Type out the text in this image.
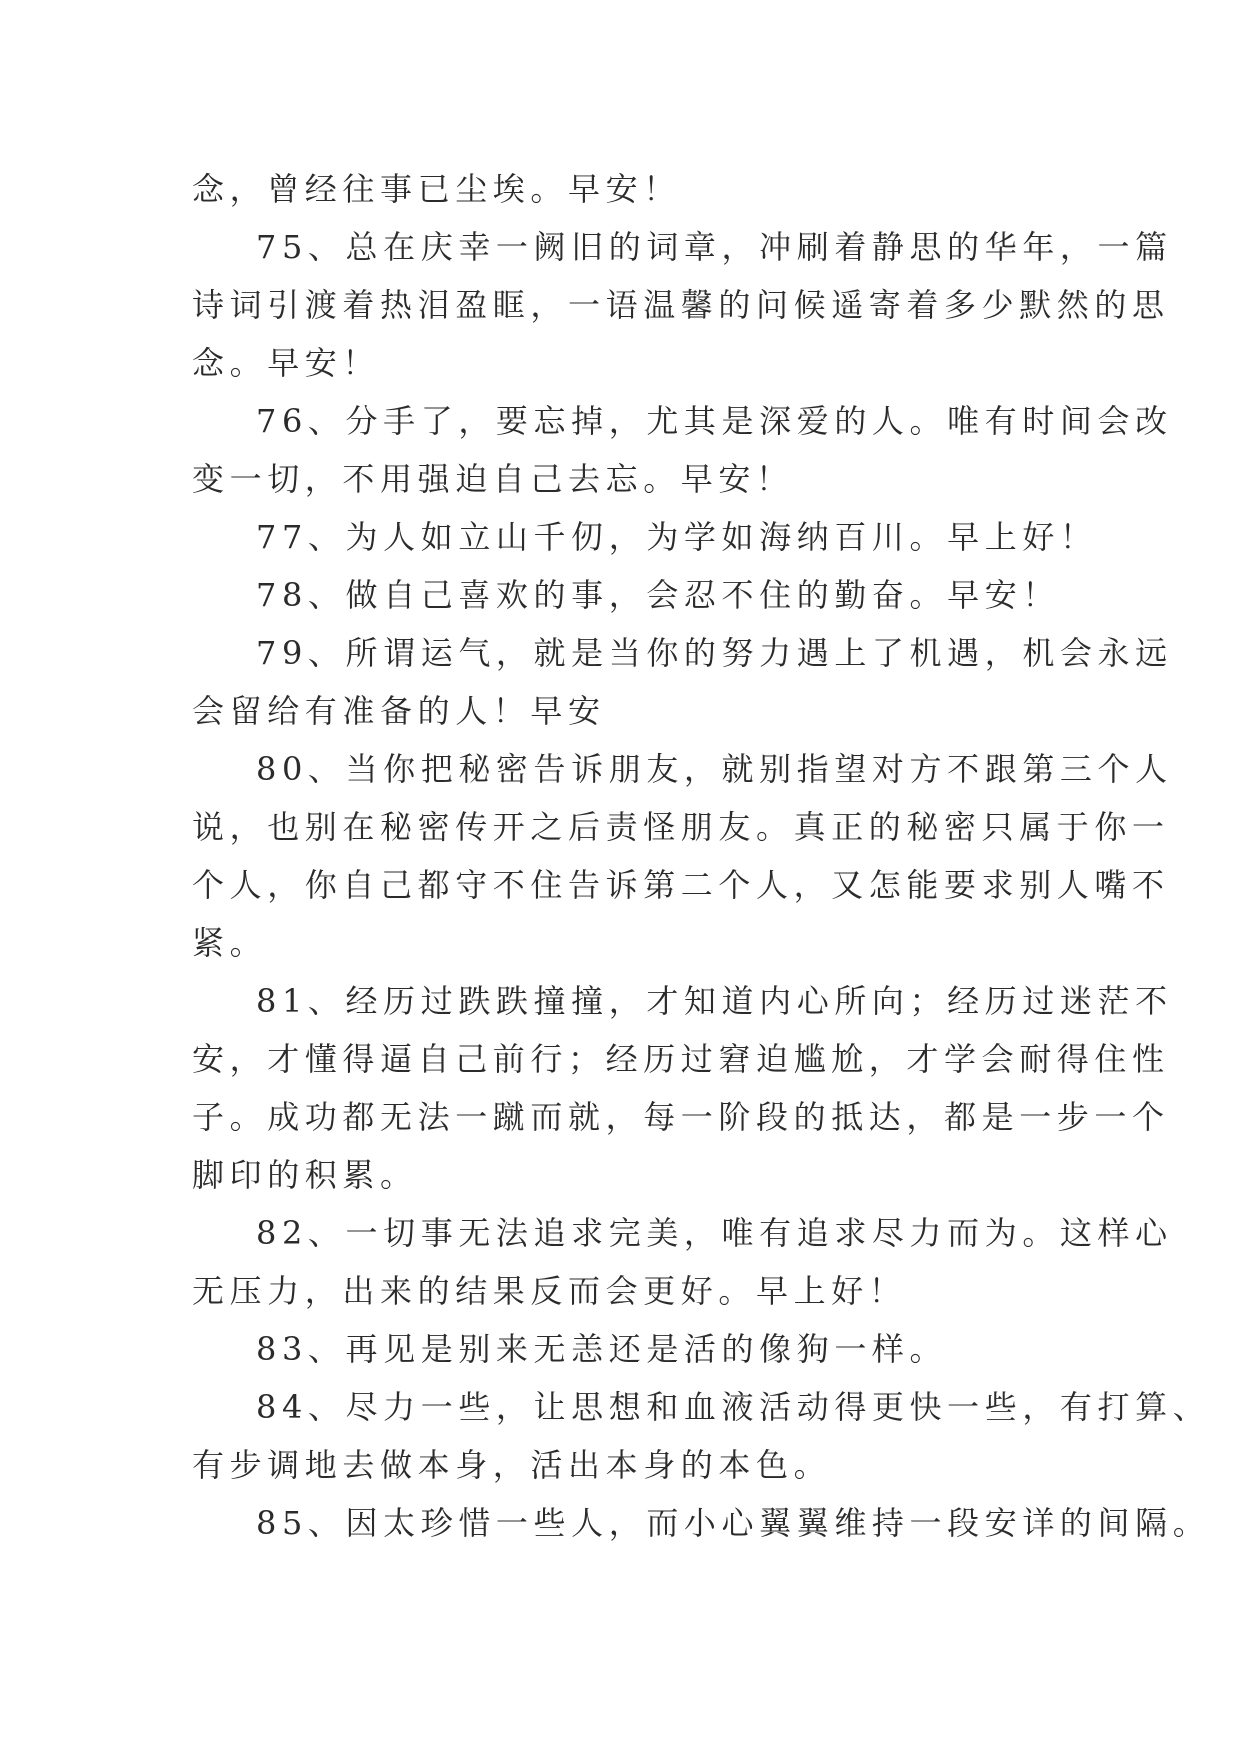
念，曾经往事已尘埃。早安！
75、总在庆幸一阙旧的词章，冲刷着静思的华年，一篇
诗词引渡着热泪盈眶，一语温馨的问候遥寄着多少默然的思
念。早安！
76、分手了，要忘掉，尤其是深爱的人。唯有时间会改
变一切，不用强迫自己去忘。早安！
77、为人如立山千仞，为学如海纳百川。早上好！
78、做自己喜欢的事，会忍不住的勤奋。早安！
79、所谓运气，就是当你的努力遇上了机遇，机会永远
会留给有准备的人！早安
80、当你把秘密告诉朋友，就别指望对方不跟第三个人
说，也别在秘密传开之后责怪朋友。真正的秘密只属于你一
个人，你自己都守不住告诉第二个人，又怎能要求别人嘴不
紧。
81、经历过跌跌撞撞，才知道内心所向；经历过迷茫不
安，才懂得逼自己前行；经历过窘迫尴尬，才学会耐得住性
子。成功都无法一蹴而就，每一阶段的抵达，都是一步一个
脚印的积累。
82、一切事无法追求完美，唯有追求尽力而为。这样心
无压力，出来的结果反而会更好。早上好！
83、再见是别来无恙还是活的像狗一样。
84、尽力一些，让思想和血液活动得更快一些，有打算、
有步调地去做本身，活出本身的本色。
85、因太珍惜一些人，而小心翼翼维持一段安详的间隔。
